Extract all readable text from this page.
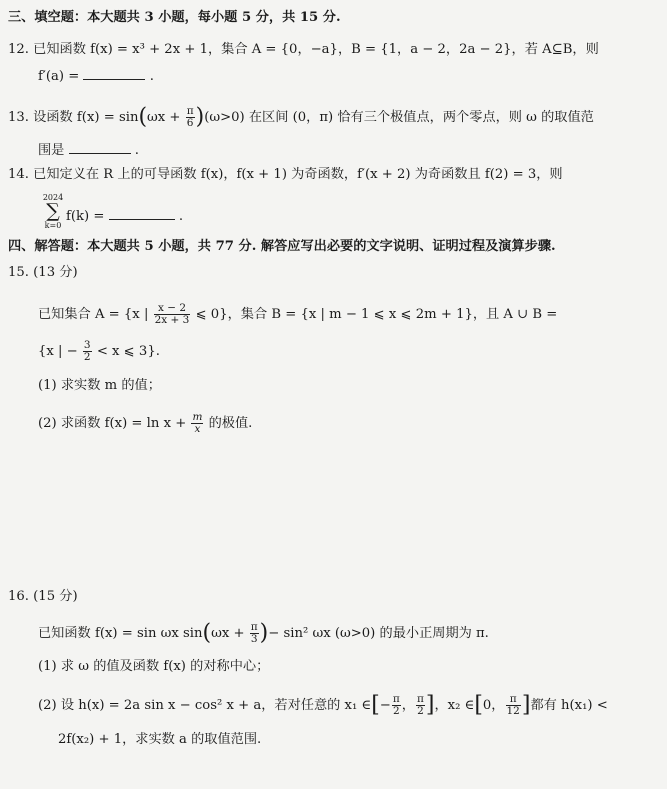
三、填空题：本大题共 3 小题，每小题 5 分，共 15 分.
12. 已知函数 f(x) = x³ + 2x + 1，集合 A = {0，−a}，B = {1，a − 2，2a − 2}，若 A⊆B，则
f′(a) =	.
13. 设函数 $f(x) = \sin(\omega x + \frac{\pi}{6} )(\omega>0)$ 在区间 (0，π) 恰有三个极值点，两个零点，则 ω 的取值范
围是	.
14. 已知定义在 R 上的可导函数 f(x)，f(x + 1) 为奇函数，f′(x + 2) 为奇函数且 f(2) = 3，则
2024
∑
k=0
f(k) =	.
四、解答题：本大题共 5 小题，共 77 分. 解答应写出必要的文字说明、证明过程及演算步骤.
15. (13 分)
已知集合 A = {x | $\frac{x - 2}{2x + 3}$ ⩽ 0}，集合 B = {x | m − 1 ⩽ x ⩽ 2m + 1}，且 A ∪ B =
{x | − $\frac{3}{2} < x$ ⩽ 3}.
(1) 求实数 m 的值；
(2) 求函数 $f(x) = \ln x + \frac{m}{x}$ 的极值.
16. (15 分)
已知函数 f(x) = sin ωx $\sin(\omega x + \frac{\pi}{3}$ )− sin² ωx (ω>0) 的最小正周期为 π.
(1) 求 ω 的值及函数 f(x) 的对称中心；
(2) 设 h(x) = 2a sin x − cos² x + a，若对任意的 x₁ ∈[− $\frac{\pi}{2}$ ， $\frac{\pi}{2}$ ]，x₂ ∈[0， $\frac{\pi}{12}$ ]都有 h(x₁) <
2f(x₂) + 1，求实数 a 的取值范围.
